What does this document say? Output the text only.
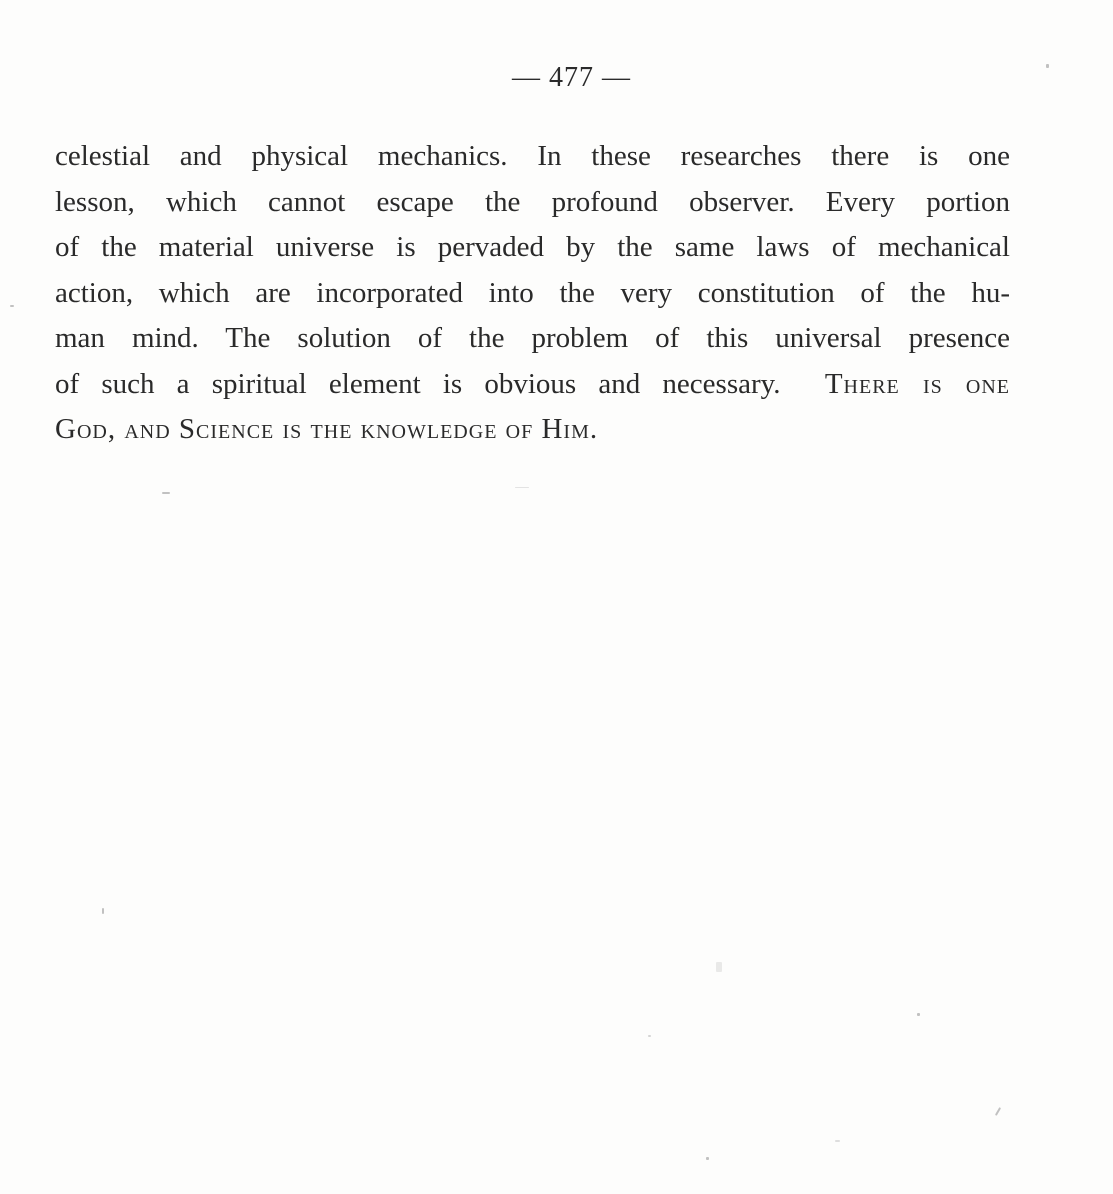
— 477 —
celestial and physical mechanics. In these researches there is one
lesson, which cannot escape the profound observer. Every portion
of the material universe is pervaded by the same laws of mechanical
action, which are incorporated into the very constitution of the hu-
man mind. The solution of the problem of this universal presence
of such a spiritual element is obvious and necessary. There is one
God, and Science is the knowledge of Him.
